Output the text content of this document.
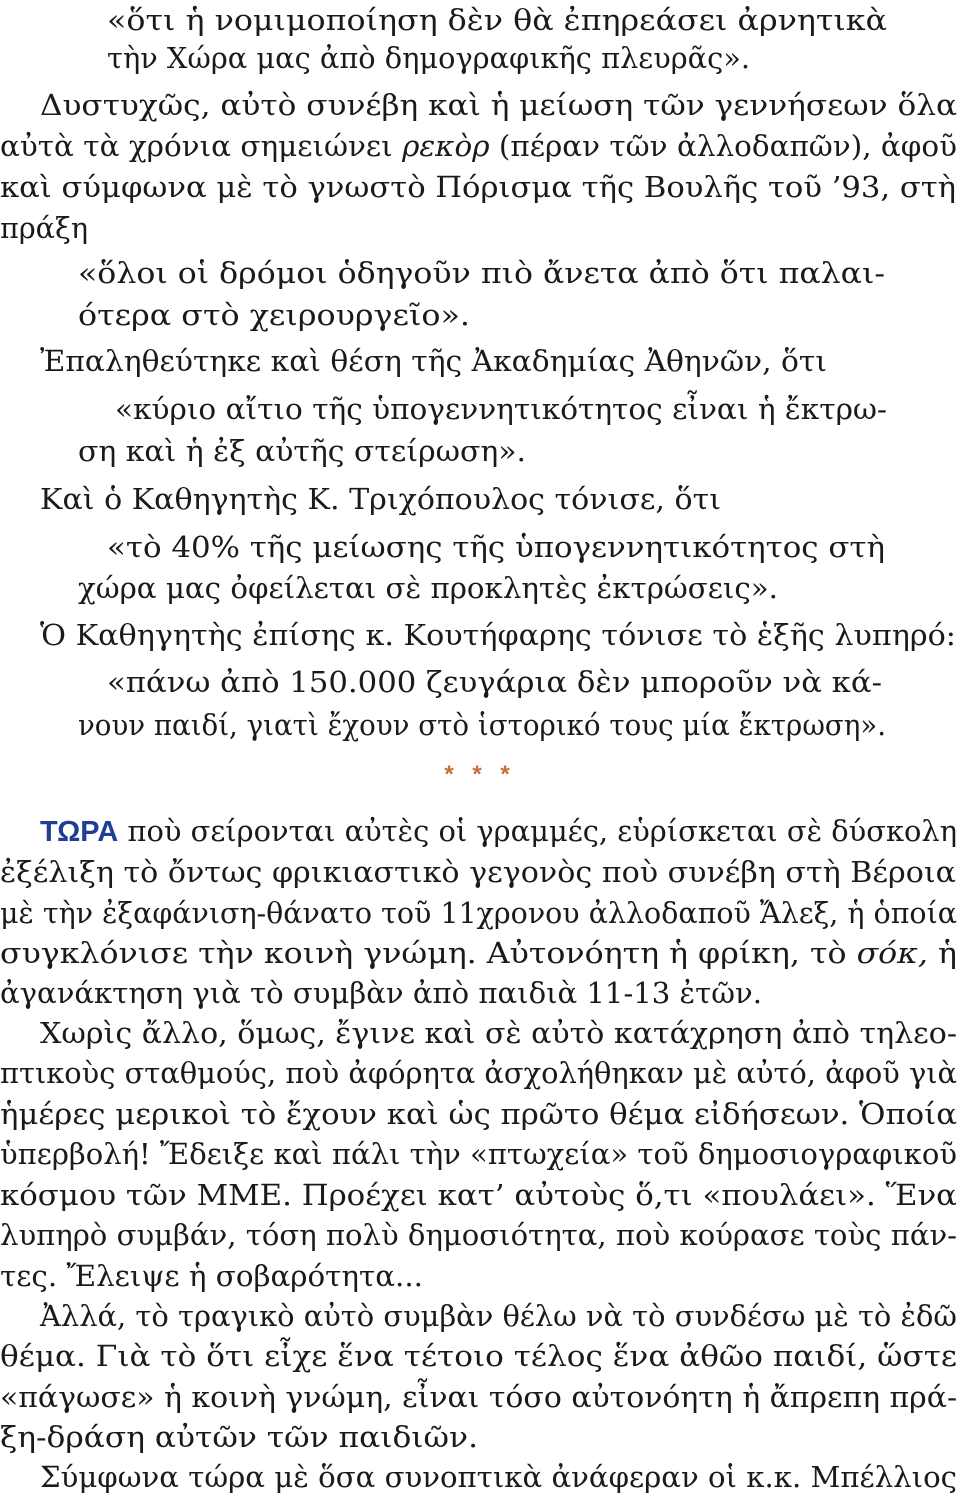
«ὅτι ἡ νομιμοποίηση δὲν θὰ ἐπηρεάσει ἀρνητικὰ
τὴν Χώρα μας ἀπὸ δημογραφικῆς πλευρᾶς».
Δυστυχῶς, αὐτὸ συνέβη καὶ ἡ μείωση τῶν γεννήσεων ὅλα
αὐτὰ τὰ χρόνια σημειώνει ρεκὸρ (πέραν τῶν ἀλλοδαπῶν), ἀφοῦ
καὶ σύμφωνα μὲ τὸ γνωστὸ Πόρισμα τῆς Βουλῆς τοῦ ’93, στὴ
πράξη
«ὅλοι οἱ δρόμοι ὁδηγοῦν πιὸ ἄνετα ἀπὸ ὅτι παλαι-
ότερα στὸ χειρουργεῖο».
Ἐπαληθεύτηκε καὶ θέση τῆς Ἀκαδημίας Ἀθηνῶν, ὅτι
«κύριο αἴτιο τῆς ὑπογεννητικότητος εἶναι ἡ ἔκτρω-
ση καὶ ἡ ἐξ αὐτῆς στείρωση».
Καὶ ὁ Καθηγητὴς Κ. Τριχόπουλος τόνισε, ὅτι
«τὸ 40% τῆς μείωσης τῆς ὑπογεννητικότητος στὴ
χώρα μας ὀφείλεται σὲ προκλητὲς ἐκτρώσεις».
Ὁ Καθηγητὴς ἐπίσης κ. Κουτήφαρης τόνισε τὸ ἑξῆς λυπηρό:
«πάνω ἀπὸ 150.000 ζευγάρια δὲν μποροῦν νὰ κά-
νουν παιδί, γιατὶ ἔχουν στὸ ἱστορικό τους μία ἔκτρωση».
* * *
ΤΩΡΑ ποὺ σείρονται αὐτὲς οἱ γραμμές, εὑρίσκεται σὲ δύσκολη
ἐξέλιξη τὸ ὄντως φρικιαστικὸ γεγονὸς ποὺ συνέβη στὴ Βέροια
μὲ τὴν ἐξαφάνιση-θάνατο τοῦ 11χρονου ἀλλοδαποῦ Ἄλεξ, ἡ ὁποία
συγκλόνισε τὴν κοινὴ γνώμη. Αὐτονόητη ἡ φρίκη, τὸ σόκ, ἡ
ἀγανάκτηση γιὰ τὸ συμβὰν ἀπὸ παιδιὰ 11-13 ἐτῶν.
Χωρὶς ἄλλο, ὅμως, ἔγινε καὶ σὲ αὐτὸ κατάχρηση ἀπὸ τηλεο-
πτικοὺς σταθμούς, ποὺ ἀφόρητα ἀσχολήθηκαν μὲ αὐτό, ἀφοῦ γιὰ
ἡμέρες μερικοὶ τὸ ἔχουν καὶ ὡς πρῶτο θέμα εἰδήσεων. Ὁποία
ὑπερβολή! Ἔδειξε καὶ πάλι τὴν «πτωχεία» τοῦ δημοσιογραφικοῦ
κόσμου τῶν ΜΜΕ. Προέχει κατ’ αὐτοὺς ὅ,τι «πουλάει». Ἕνα
λυπηρὸ συμβάν, τόση πολὺ δημοσιότητα, ποὺ κούρασε τοὺς πάν-
τες. Ἔλειψε ἡ σοβαρότητα...
Ἀλλά, τὸ τραγικὸ αὐτὸ συμβὰν θέλω νὰ τὸ συνδέσω μὲ τὸ ἐδῶ
θέμα. Γιὰ τὸ ὅτι εἶχε ἕνα τέτοιο τέλος ἕνα ἀθῶο παιδί, ὥστε
«πάγωσε» ἡ κοινὴ γνώμη, εἶναι τόσο αὐτονόητη ἡ ἄπρεπη πρά-
ξη-δράση αὐτῶν τῶν παιδιῶν.
Σύμφωνα τώρα μὲ ὅσα συνοπτικὰ ἀνάφεραν οἱ κ.κ. Μπέλλιος
